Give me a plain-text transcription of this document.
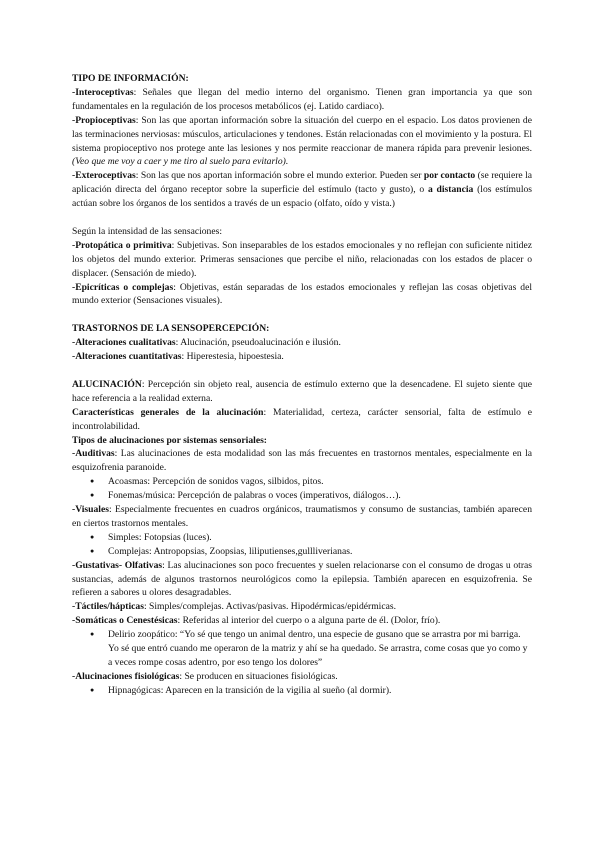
TIPO DE INFORMACIÓN:

-Interoceptivas: Señales que llegan del medio interno del organismo. Tienen gran importancia ya que son fundamentales en la regulación de los procesos metabólicos (ej. Latido cardiaco).

-Propioceptivas: Son las que aportan información sobre la situación del cuerpo en el espacio. Los datos provienen de las terminaciones nerviosas: músculos, articulaciones y tendones. Están relacionadas con el movimiento y la postura. El sistema propioceptivo nos protege ante las lesiones y nos permite reaccionar de manera rápida para prevenir lesiones. (Veo que me voy a caer y me tiro al suelo para evitarlo).

-Exteroceptivas: Son las que nos aportan información sobre el mundo exterior. Pueden ser por contacto (se requiere la aplicación directa del órgano receptor sobre la superficie del estímulo (tacto y gusto), o a distancia (los estímulos actúan sobre los órganos de los sentidos a través de un espacio (olfato, oído y vista.)

Según la intensidad de las sensaciones:

-Protopática o primitiva: Subjetivas. Son inseparables de los estados emocionales y no reflejan con suficiente nitidez los objetos del mundo exterior. Primeras sensaciones que percibe el niño, relacionadas con los estados de placer o displacer. (Sensación de miedo).

-Epicríticas o complejas: Objetivas, están separadas de los estados emocionales y reflejan las cosas objetivas del mundo exterior (Sensaciones visuales).

TRASTORNOS DE LA SENSOPERCEPCIÓN:

-Alteraciones cualitativas: Alucinación, pseudoalucinación e ilusión.

-Alteraciones cuantitativas: Hiperestesia, hipoestesia.

ALUCINACIÓN: Percepción sin objeto real, ausencia de estímulo externo que la desencadene. El sujeto siente que hace referencia a la realidad externa.

Características generales de la alucinación: Materialidad, certeza, carácter sensorial, falta de estímulo e incontrolabilidad.

Tipos de alucinaciones por sistemas sensoriales:

-Auditivas: Las alucinaciones de esta modalidad son las más frecuentes en trastornos mentales, especialmente en la esquizofrenia paranoide.

● Acoasmas: Percepción de sonidos vagos, silbidos, pitos.
● Fonemas/música: Percepción de palabras o voces (imperativos, diálogos…).

-Visuales: Especialmente frecuentes en cuadros orgánicos, traumatismos y consumo de sustancias, también aparecen en ciertos trastornos mentales.

● Simples: Fotopsias (luces).
● Complejas: Antropopsias, Zoopsias, liliputienses,gullliverianas.

-Gustativas- Olfativas: Las alucinaciones son poco frecuentes y suelen relacionarse con el consumo de drogas u otras sustancias, además de algunos trastornos neurológicos como la epilepsia. También aparecen en esquizofrenia. Se refieren a sabores u olores desagradables.

-Táctiles/hápticas: Simples/complejas. Activas/pasivas. Hipodérmicas/epidérmicas.

-Somáticas o Cenestésicas: Referidas al interior del cuerpo o a alguna parte de él. (Dolor, frío).

● Delirio zoopático: “Yo sé que tengo un animal dentro, una especie de gusano que se arrastra por mi barriga. Yo sé que entró cuando me operaron de la matriz y ahí se ha quedado. Se arrastra, come cosas que yo como y a veces rompe cosas adentro, por eso tengo los dolores”

-Alucinaciones fisiológicas: Se producen en situaciones fisiológicas.

● Hipnagógicas: Aparecen en la transición de la vigilia al sueño (al dormir).
